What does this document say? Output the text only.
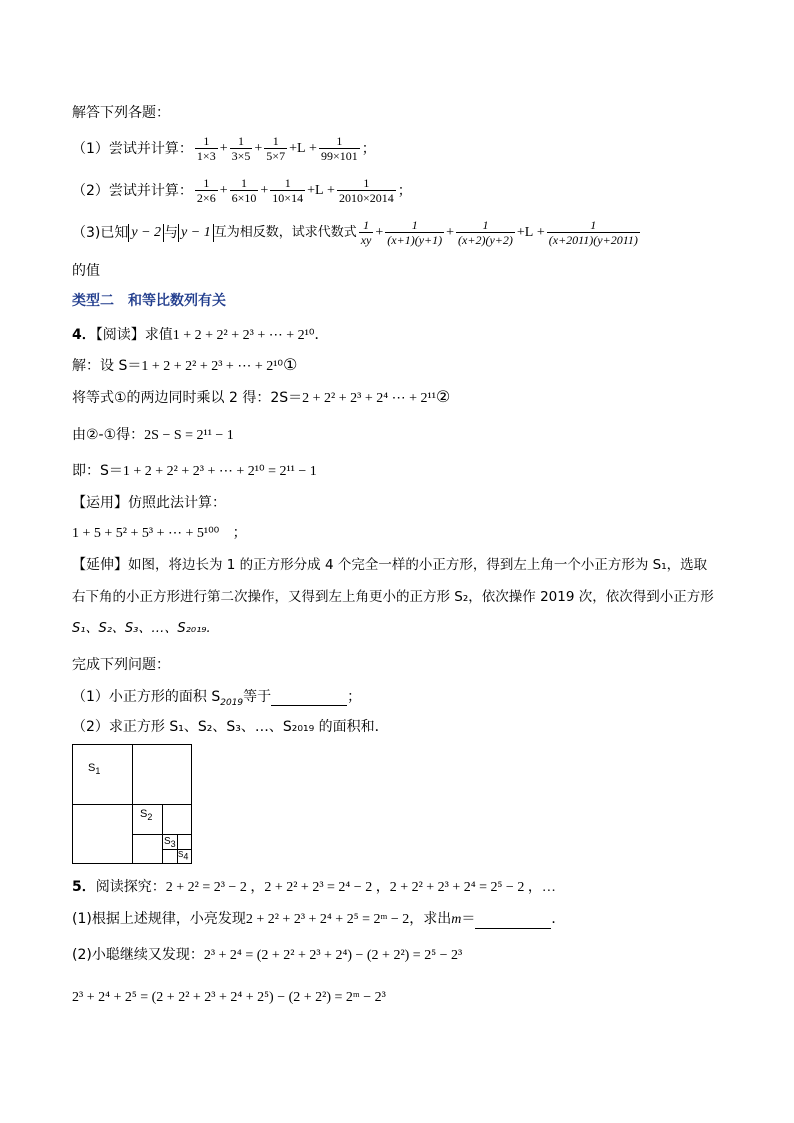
解答下列各题：
（1）尝试并计算： $\frac{1}{1\times 3} + \frac{1}{3\times 5} + \frac{1}{5\times 7} + L + \frac{1}{99\times 101}$ ；
（2）尝试并计算： $\frac{1}{2\times 6} + \frac{1}{6\times 10} + \frac{1}{10\times 14} + L + \frac{1}{2010\times 2014}$ ；
（3)已知 y − 2 与 y − 1 互为相反数，试求代数式 $\frac{1}{xy} + \frac{1}{(x+1)(y+1)} + \frac{1}{(x+2)(y+2)} + L + \frac{1}{(x+2011)(y+2011)}$
的值
类型二　和等比数列有关
4．【阅读】求值1 + 2 + 2² + 2³ + ⋯ + 2¹⁰．
解：设 S＝1 + 2 + 2² + 2³ + ⋯ + 2¹⁰①
将等式①的两边同时乘以 2 得：2S＝2 + 2² + 2³ + 2⁴ ⋯ + 2¹¹②
由②-①得：2S − S = 2¹¹ − 1
即：S＝1 + 2 + 2² + 2³ + ⋯ + 2¹⁰ = 2¹¹ − 1
【运用】仿照此法计算：
1 + 5 + 5² + 5³ + ⋯ + 5¹⁰⁰ ；
【延伸】如图，将边长为 1 的正方形分成 4 个完全一样的小正方形，得到左上角一个小正方形为 S₁，选取
右下角的小正方形进行第二次操作，又得到左上角更小的正方形 S₂，依次操作 2019 次，依次得到小正方形
S₁、S₂、S₃、…、S₂₀₁₉.
完成下列问题：
（1）小正方形的面积 $S_{2019}$等于	；
（2）求正方形 S₁、S₂、S₃、…、S₂₀₁₉ 的面积和．
$S_1$
$S_2$
$S_3$
$S_4$
5．阅读探究：2 + 2² = 2³ − 2 ，2 + 2² + 2³ = 2⁴ − 2 ，2 + 2² + 2³ + 2⁴ = 2⁵ − 2 ，…
(1)根据上述规律，小亮发现2 + 2² + 2³ + 2⁴ + 2⁵ = 2ᵐ − 2，求出m＝	．
(2)小聪继续又发现：2³ + 2⁴ = (2 + 2² + 2³ + 2⁴) − (2 + 2²) = 2⁵ − 2³
2³ + 2⁴ + 2⁵ = (2 + 2² + 2³ + 2⁴ + 2⁵) − (2 + 2²) = 2ᵐ − 2³
